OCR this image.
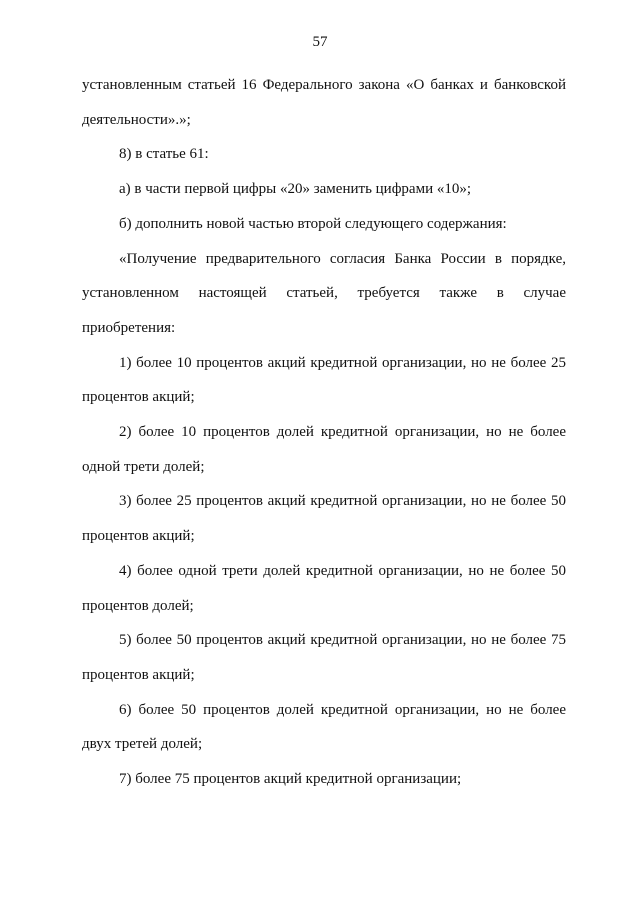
57

установленным статьей 16 Федерального закона «О банках и банковской деятельности».»;

8) в статье 61:

а) в части первой цифры «20» заменить цифрами «10»;

б) дополнить новой частью второй следующего содержания:

«Получение предварительного согласия Банка России в порядке, установленном настоящей статьей, требуется также в случае приобретения:

1) более 10 процентов акций кредитной организации, но не более 25 процентов акций;

2) более 10 процентов долей кредитной организации, но не более одной трети долей;

3) более 25 процентов акций кредитной организации, но не более 50 процентов акций;

4) более одной трети долей кредитной организации, но не более 50 процентов долей;

5) более 50 процентов акций кредитной организации, но не более 75 процентов акций;

6) более 50 процентов долей кредитной организации, но не более двух третей долей;

7) более 75 процентов акций кредитной организации;
